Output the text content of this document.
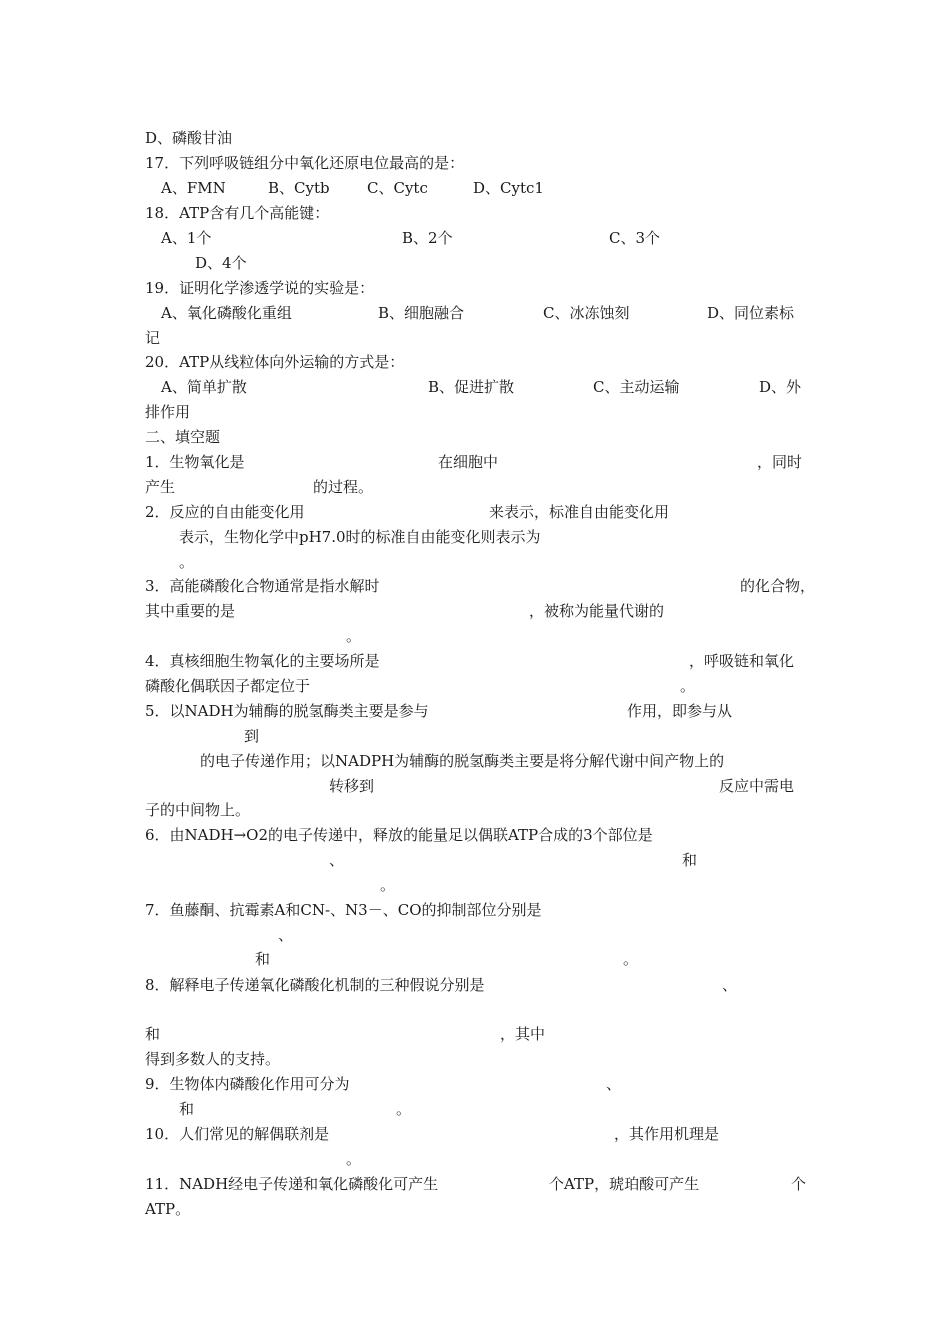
D、磷酸甘油

17．下列呼吸链组分中氧化还原电位最高的是：

A、FMN	B、Cytb C、Cytc	D、Cytc1

18．ATP含有几个高能键：

A、1个	B、2个	C、3个

D、4个

19．证明化学渗透学说的实验是：

A、氧化磷酸化重组	B、细胞融合	C、冰冻蚀刻	D、同位素标

记

20．ATP从线粒体向外运输的方式是：

A、简单扩散	B、促进扩散	C、主动运输	D、外

排作用

二、填空题

1．生物氧化是	在细胞中	，同时

产生	的过程。

2．反应的自由能变化用	来表示，标准自由能变化用

表示，生物化学中pH7.0时的标准自由能变化则表示为

。

3．高能磷酸化合物通常是指水解时	的化合物，

其中重要的是	，被称为能量代谢的

。

4．真核细胞生物氧化的主要场所是	，呼吸链和氧化

磷酸化偶联因子都定位于	。

5．以NADH为辅酶的脱氢酶类主要是参与	作用，即参与从

到

的电子传递作用；以NADPH为辅酶的脱氢酶类主要是将分解代谢中间产物上的

转移到	反应中需电

子的中间物上。

6．由NADH→O2的电子传递中，释放的能量足以偶联ATP合成的3个部位是

、	和

。

7．鱼藤酮、抗霉素A和CN-、N3－、CO的抑制部位分别是

、

和	。

8．解释电子传递氧化磷酸化机制的三种假说分别是	、

和	，其中

得到多数人的支持。

9．生物体内磷酸化作用可分为	、

和	。

10．人们常见的解偶联剂是	，其作用机理是

。

11．NADH经电子传递和氧化磷酸化可产生	个ATP，琥珀酸可产生	个

ATP。
